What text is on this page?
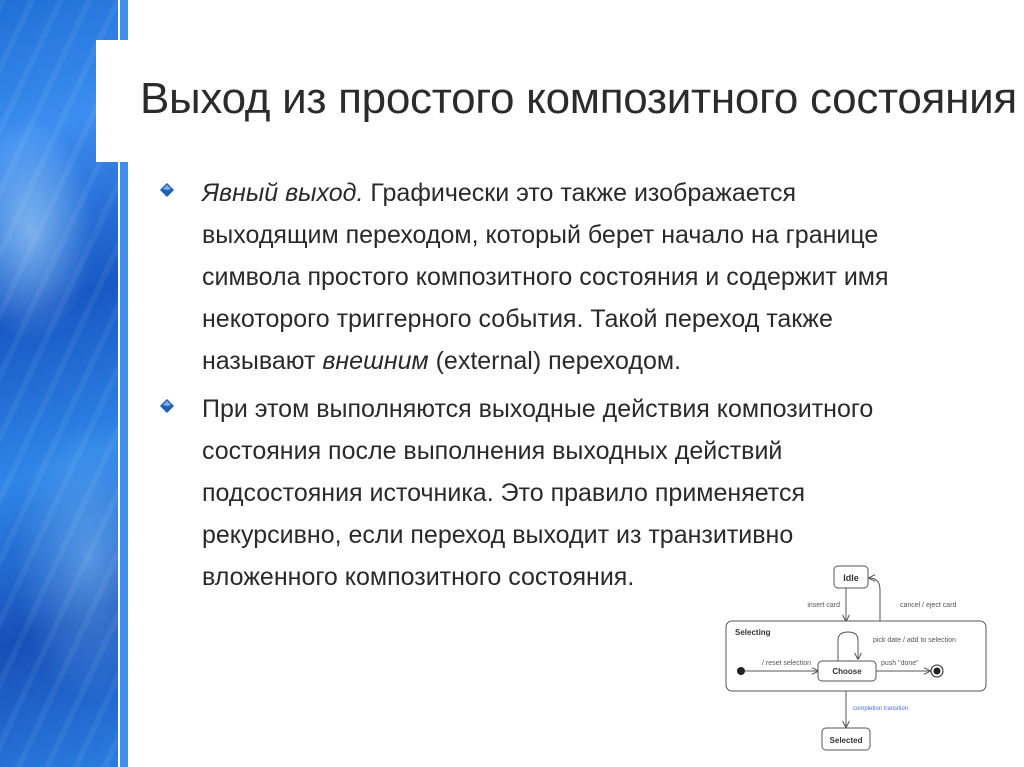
Выход из простого композитного состояния
Явный выход. Графически это также изображается
выходящим переходом, который берет начало на границе
символа простого композитного состояния и содержит имя
некоторого триггерного события. Такой переход также
называют внешним (external) переходом.
При этом выполняются выходные действия композитного
состояния после выполнения выходных действий
подсостояния источника. Это правило применяется
рекурсивно, если переход выходит из транзитивно
вложенного композитного состояния.	Idle
insert card	cancel / eject card
Selecting
/ reset selection
Choose
pick date / add to selection
push "done"
completion transition
Selected
